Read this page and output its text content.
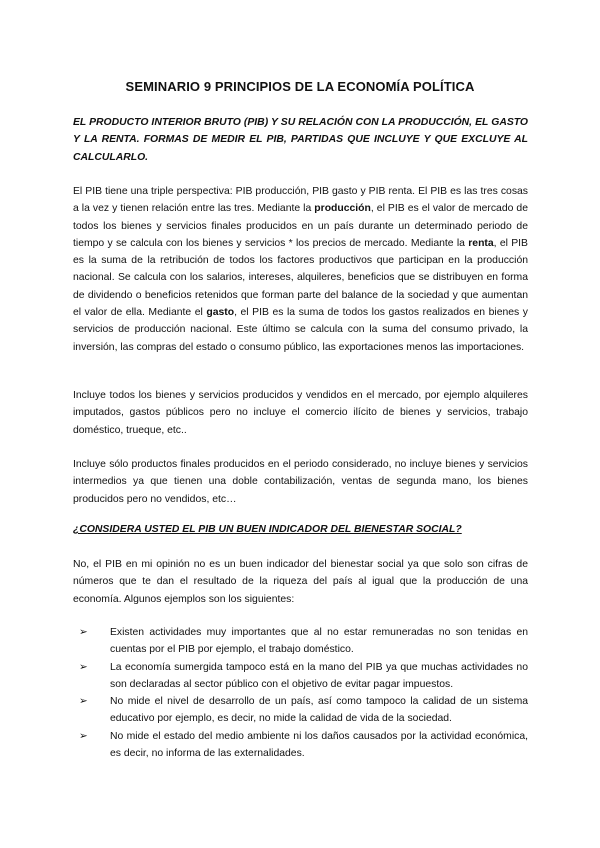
SEMINARIO 9 PRINCIPIOS DE LA ECONOMÍA POLÍTICA
EL PRODUCTO INTERIOR BRUTO (PIB) Y SU RELACIÓN CON LA PRODUCCIÓN, EL GASTO Y LA RENTA. FORMAS DE MEDIR EL PIB, PARTIDAS QUE INCLUYE Y QUE EXCLUYE AL CALCULARLO.
El PIB tiene una triple perspectiva: PIB producción, PIB gasto y PIB renta. El PIB es las tres cosas a la vez y tienen relación entre las tres. Mediante la producción, el PIB es el valor de mercado de todos los bienes y servicios finales producidos en un país durante un determinado periodo de tiempo y se calcula con los bienes y servicios * los precios de mercado. Mediante la renta, el PIB es la suma de la retribución de todos los factores productivos que participan en la producción nacional. Se calcula con los salarios, intereses, alquileres, beneficios que se distribuyen en forma de dividendo o beneficios retenidos que forman parte del balance de la sociedad y que aumentan el valor de ella. Mediante el gasto, el PIB es la suma de todos los gastos realizados en bienes y servicios de producción nacional. Este último se calcula con la suma del consumo privado, la inversión, las compras del estado o consumo público, las exportaciones menos las importaciones.
Incluye todos los bienes y servicios producidos y vendidos en el mercado, por ejemplo alquileres imputados, gastos públicos pero no incluye el comercio ilícito de bienes y servicios, trabajo doméstico, trueque, etc..
Incluye sólo productos finales producidos en el periodo considerado, no incluye bienes y servicios intermedios ya que tienen una doble contabilización, ventas de segunda mano, los bienes producidos pero no vendidos, etc…
¿CONSIDERA USTED EL PIB UN BUEN INDICADOR DEL BIENESTAR SOCIAL?
No, el PIB en mi opinión no es un buen indicador del bienestar social ya que solo son cifras de números que te dan el resultado de la riqueza del país al igual que la producción de una economía. Algunos ejemplos son los siguientes:
➢ Existen actividades muy importantes que al no estar remuneradas no son tenidas en cuentas por el PIB por ejemplo, el trabajo doméstico.
➢ La economía sumergida tampoco está en la mano del PIB ya que muchas actividades no son declaradas al sector público con el objetivo de evitar pagar impuestos.
➢ No mide el nivel de desarrollo de un país, así como tampoco la calidad de un sistema educativo por ejemplo, es decir, no mide la calidad de vida de la sociedad.
➢ No mide el estado del medio ambiente ni los daños causados por la actividad económica, es decir, no informa de las externalidades.
